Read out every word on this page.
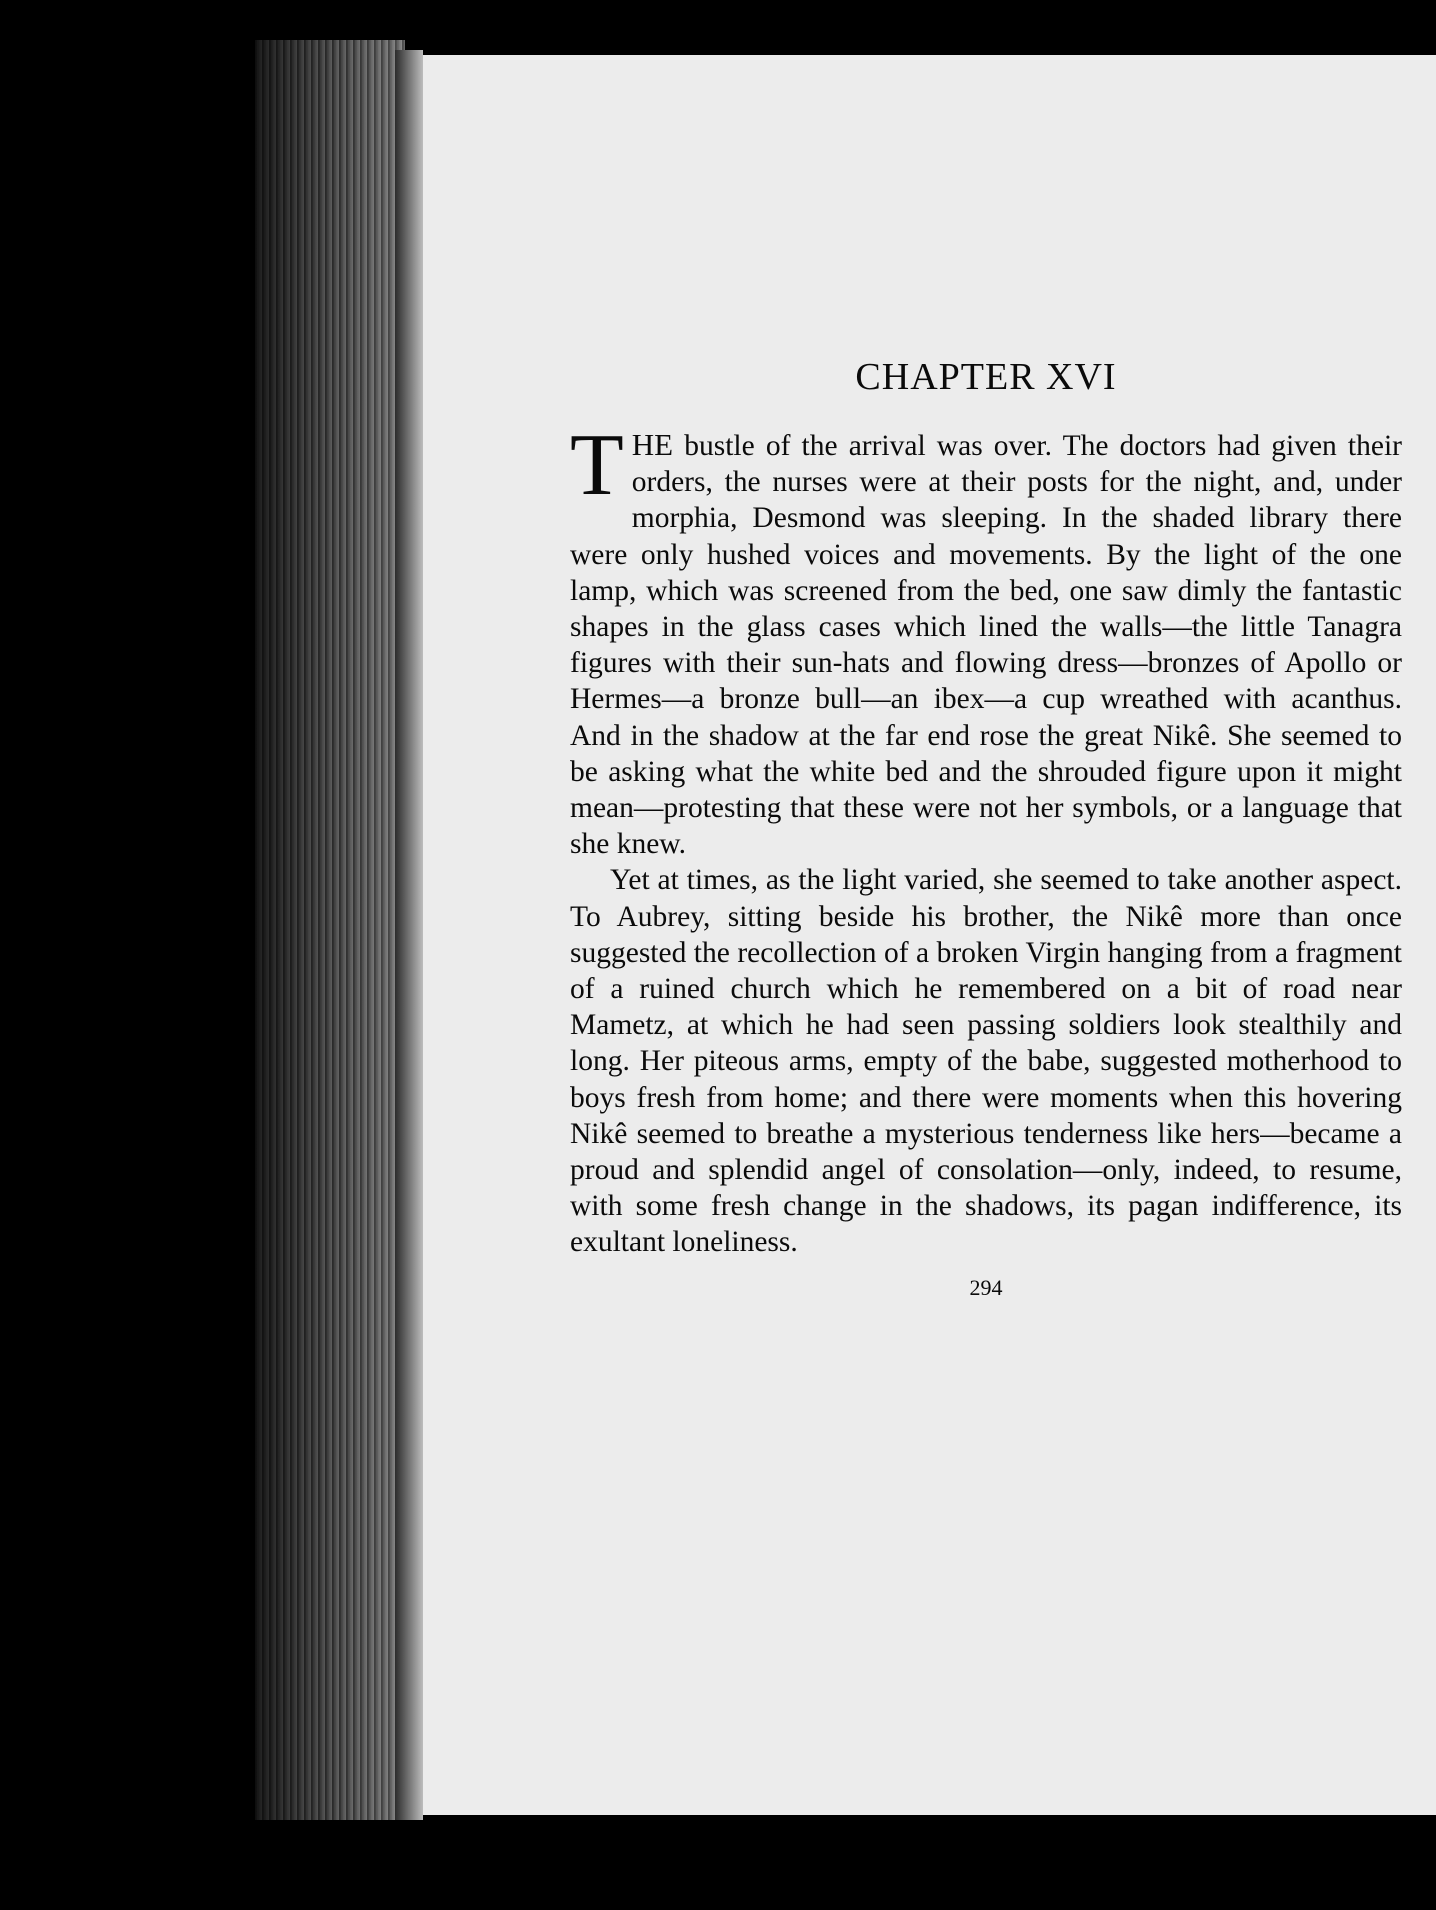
CHAPTER XVI

THE bustle of the arrival was over. The doctors had given their orders, the nurses were at their posts for the night, and, under morphia, Desmond was sleeping. In the shaded library there were only hushed voices and movements. By the light of the one lamp, which was screened from the bed, one saw dimly the fantastic shapes in the glass cases which lined the walls—the little Tanagra figures with their sun-hats and flowing dress—bronzes of Apollo or Hermes—a bronze bull—an ibex—a cup wreathed with acanthus. And in the shadow at the far end rose the great Nikê. She seemed to be asking what the white bed and the shrouded figure upon it might mean—protesting that these were not her symbols, or a language that she knew.

Yet at times, as the light varied, she seemed to take another aspect. To Aubrey, sitting beside his brother, the Nikê more than once suggested the recollection of a broken Virgin hanging from a fragment of a ruined church which he remembered on a bit of road near Mametz, at which he had seen passing soldiers look stealthily and long. Her piteous arms, empty of the babe, suggested motherhood to boys fresh from home; and there were moments when this hovering Nikê seemed to breathe a mysterious tenderness like hers—became a proud and splendid angel of consolation—only, indeed, to resume, with some fresh change in the shadows, its pagan indifference, its exultant loneliness.

294
